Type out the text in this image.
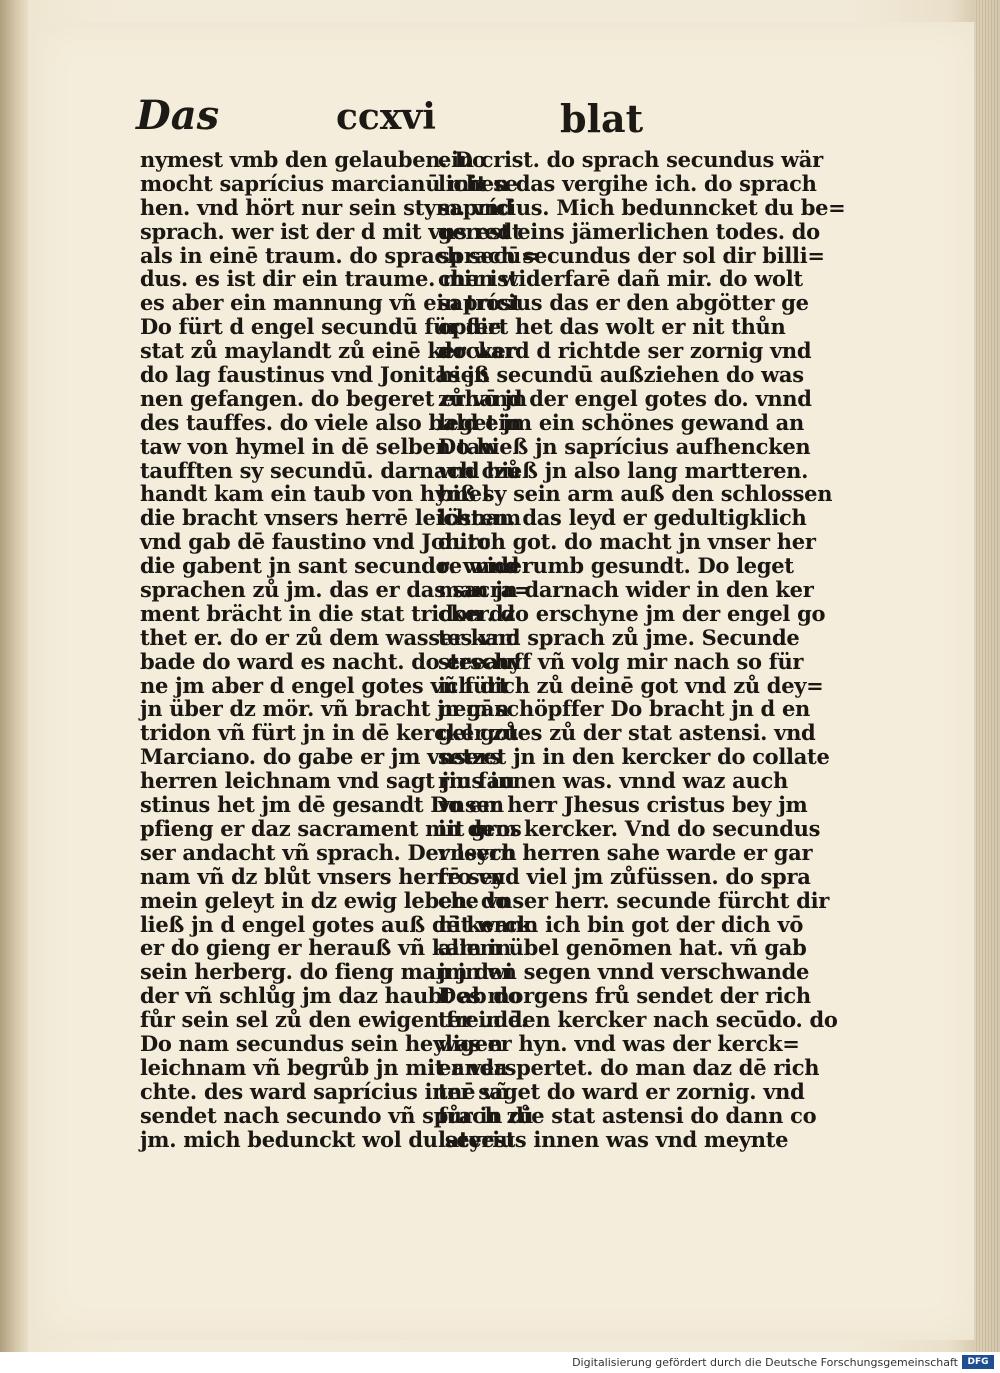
Das	ccxvi	blat
nymest vmb den gelauben. Do
mocht saprícius marcianū mit se
hen. vnd hört nur sein stym. vnd
sprach. wer ist der d mit vns redt
als in einē traum. do sprach secū=
dus. es ist dir ein traume. mir ist
es aber ein mannung vñ ein trost
Do fürt d engel secundū für die
stat zů maylandt zů einē kercker
do lag faustinus vnd Jonitas jn
nen gefangen. do begeret er vō jn
des tauffes. do viele also bald ein
taw von hymel in dē selben taw
taufften sy secundū. darnach czů
handt kam ein taub von hymel
die bracht vnsers herrē leichnam
vnd gab dē faustino vnd Jonito
die gabent jn sant secundo. vnnd
sprachen zů jm. das er das sacra=
ment brächt in die stat tridon dz
thet er. do er zů dem wasser kam
bade do ward es nacht. do erschy
ne jm aber d engel gotes vñ fürt
jn über dz mör. vñ bracht jn gān
tridon vñ fürt jn in dē kercker zů
Marciano. do gabe er jm vnsers
herren leichnam vnd sagt jm fau
stinus het jm dē gesandt Do em
pfieng er daz sacrament mit gros
ser andacht vñ sprach. Der leych
nam vñ dz blůt vnsers herrē sey
mein geleyt in dz ewig leben. do
ließ jn d engel gotes auß dē kerck
er do gieng er herauß vñ kam in
sein herberg. do fieng man jn wi
der vñ schlůg jm daz haubt ab do
fůr sein sel zů den ewigen freudē.
Do nam secundus sein heyligen
leichnam vñ begrůb jn mit anda
chte. des ward saprícius innē vñ
sendet nach secundo vñ sprach zů
jm. mich bedunckt wol du seyest
ein crist. do sprach secundus wär
lichen das vergihe ich. do sprach
saprícius. Mich bedunncket du be=
gerest eins jämerlichen todes. do
sprach secundus der sol dir billi=
chen widerfarē dañ mir. do wolt
saprícius das er den abgötter ge
opfert het das wolt er nit thůn
do ward d richtde ser zornig vnd
hieß secundū außziehen do was
zůhand der engel gotes do. vnnd
leget jm ein schönes gewand an
Do hieß jn saprícius aufhencken
vnd hieß jn also lang martteren.
biß sy sein arm auß den schlossen
lösten. das leyd er gedultigklich
durch got. do macht jn vnser her
re widerumb gesundt. Do leget
man jn darnach wider in den ker
cker. do erschyne jm der engel go
tes vnd sprach zů jme. Secunde
steeauff vñ volg mir nach so für
ich dich zů deinē got vnd zů dey=
nem schöpffer Do bracht jn d en
gel gotes zů der stat astensi. vnd
setzet jn in den kercker do collate
rius innen was. vnnd waz auch
vnser herr Jhesus cristus bey jm
in dem kercker. Vnd do secundus
vnsern herren sahe warde er gar
fro vnd viel jm zůfüssen. do spra
che vnser herr. secunde fürcht dir
nit wann ich bin got der dich vō
allem übel genōmen hat. vñ gab
jm den segen vnnd verschwande
Des morgens frů sendet der rich
ter in den kercker nach secūdo. do
was er hyn. vnd was der kerck=
er verspertet. do man daz dē rich
ter saget do ward er zornig. vnd
fůr in die stat astensi do dann co
laterius innen was vnd meynte
Digitalisierung gefördert durch die Deutsche Forschungsgemeinschaft	DFG
